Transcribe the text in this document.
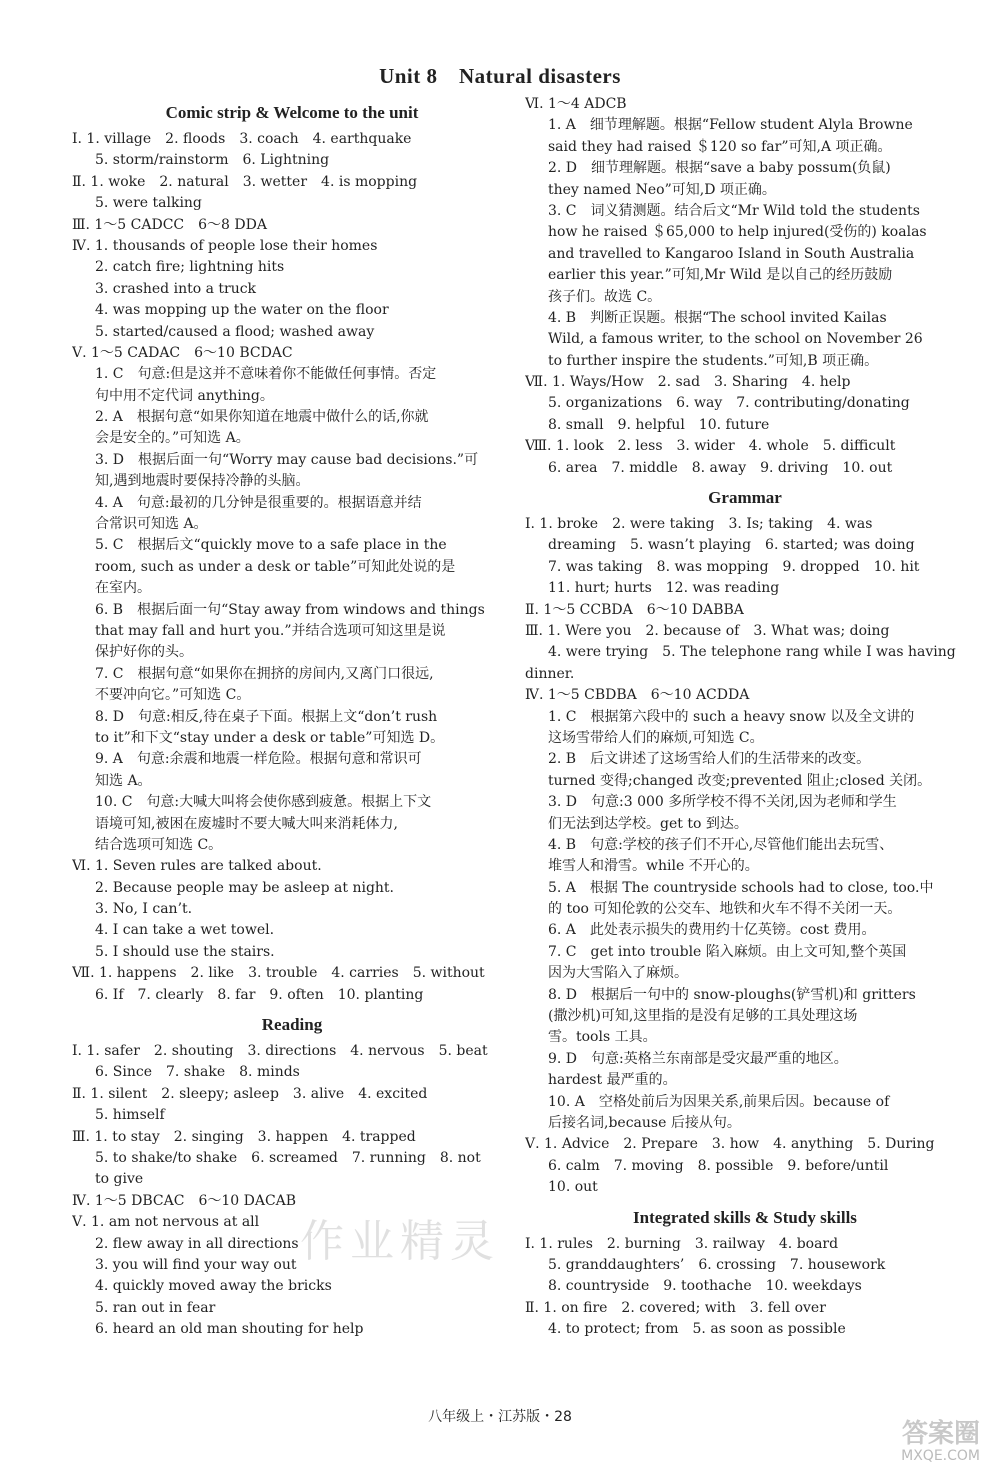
Unit 8　Natural disasters
Comic strip & Welcome to the unit
Ⅰ. 1. village　2. floods　3. coach　4. earthquake
5. storm/rainstorm　6. Lightning
Ⅱ. 1. woke　2. natural　3. wetter　4. is mopping
5. were talking
Ⅲ. 1～5 CADCC　6～8 DDA
Ⅳ. 1. thousands of people lose their homes
2. catch fire; lightning hits
3. crashed into a truck
4. was mopping up the water on the floor
5. started/caused a flood; washed away
Ⅴ. 1～5 CADAC　6～10 BCDAC
1. C　句意:但是这并不意味着你不能做任何事情。否定
句中用不定代词 anything。
2. A　根据句意“如果你知道在地震中做什么的话,你就
会是安全的。”可知选 A。
3. D　根据后面一句“Worry may cause bad decisions.”可
知,遇到地震时要保持冷静的头脑。
4. A　句意:最初的几分钟是很重要的。根据语意并结
合常识可知选 A。
5. C　根据后文“quickly move to a safe place in the
room, such as under a desk or table”可知此处说的是
在室内。
6. B　根据后面一句“Stay away from windows and things
that may fall and hurt you.”并结合选项可知这里是说
保护好你的头。
7. C　根据句意“如果你在拥挤的房间内,又离门口很远,
不要冲向它。”可知选 C。
8. D　句意:相反,待在桌子下面。根据上文“don’t rush
to it”和下文“stay under a desk or table”可知选 D。
9. A　句意:余震和地震一样危险。根据句意和常识可
知选 A。
10. C　句意:大喊大叫将会使你感到疲惫。根据上下文
语境可知,被困在废墟时不要大喊大叫来消耗体力,
结合选项可知选 C。
Ⅵ. 1. Seven rules are talked about.
2. Because people may be asleep at night.
3. No, I can’t.
4. I can take a wet towel.
5. I should use the stairs.
Ⅶ. 1. happens　2. like　3. trouble　4. carries　5. without
6. If　7. clearly　8. far　9. often　10. planting
Reading
Ⅰ. 1. safer　2. shouting　3. directions　4. nervous　5. beat
6. Since　7. shake　8. minds
Ⅱ. 1. silent　2. sleepy; asleep　3. alive　4. excited
5. himself
Ⅲ. 1. to stay　2. singing　3. happen　4. trapped
5. to shake/to shake　6. screamed　7. running　8. not
to give
Ⅳ. 1～5 DBCAC　6～10 DACAB
Ⅴ. 1. am not nervous at all
2. flew away in all directions
3. you will find your way out
4. quickly moved away the bricks
5. ran out in fear
6. heard an old man shouting for help
Ⅵ. 1～4 ADCB
1. A　细节理解题。根据“Fellow student Alyla Browne
said they had raised ＄120 so far”可知,A 项正确。
2. D　细节理解题。根据“save a baby possum(负鼠)
they named Neo”可知,D 项正确。
3. C　词义猜测题。结合后文“Mr Wild told the students
how he raised ＄65,000 to help injured(受伤的) koalas
and travelled to Kangaroo Island in South Australia
earlier this year.”可知,Mr Wild 是以自己的经历鼓励
孩子们。故选 C。
4. B　判断正误题。根据“The school invited Kailas
Wild, a famous writer, to the school on November 26
to further inspire the students.”可知,B 项正确。
Ⅶ. 1. Ways/How　2. sad　3. Sharing　4. help
5. organizations　6. way　7. contributing/donating
8. small　9. helpful　10. future
Ⅷ. 1. look　2. less　3. wider　4. whole　5. difficult
6. area　7. middle　8. away　9. driving　10. out
Grammar
Ⅰ. 1. broke　2. were taking　3. Is; taking　4. was
dreaming　5. wasn’t playing　6. started; was doing
7. was taking　8. was mopping　9. dropped　10. hit
11. hurt; hurts　12. was reading
Ⅱ. 1～5 CCBDA　6～10 DABBA
Ⅲ. 1. Were you　2. because of　3. What was; doing
4. were trying　5. The telephone rang while I was having
dinner.
Ⅳ. 1～5 CBDBA　6～10 ACDDA
1. C　根据第六段中的 such a heavy snow 以及全文讲的
这场雪带给人们的麻烦,可知选 C。
2. B　后文讲述了这场雪给人们的生活带来的改变。
turned 变得;changed 改变;prevented 阻止;closed 关闭。
3. D　句意:3 000 多所学校不得不关闭,因为老师和学生
们无法到达学校。get to 到达。
4. B　句意:学校的孩子们不开心,尽管他们能出去玩雪、
堆雪人和滑雪。while 不开心的。
5. A　根据 The countryside schools had to close, too.中
的 too 可知伦敦的公交车、地铁和火车不得不关闭一天。
6. A　此处表示损失的费用约十亿英镑。cost 费用。
7. C　get into trouble 陷入麻烦。由上文可知,整个英国
因为大雪陷入了麻烦。
8. D　根据后一句中的 snow-ploughs(铲雪机)和 gritters
(撒沙机)可知,这里指的是没有足够的工具处理这场
雪。tools 工具。
9. D　句意:英格兰东南部是受灾最严重的地区。
hardest 最严重的。
10. A　空格处前后为因果关系,前果后因。because of
后接名词,because 后接从句。
Ⅴ. 1. Advice　2. Prepare　3. how　4. anything　5. During
6. calm　7. moving　8. possible　9. before/until
10. out
Integrated skills & Study skills
Ⅰ. 1. rules　2. burning　3. railway　4. board
5. granddaughters’　6. crossing　7. housework
8. countryside　9. toothache　10. weekdays
Ⅱ. 1. on fire　2. covered; with　3. fell over
4. to protect; from　5. as soon as possible
作业精灵
八年级上・江苏版・28
答案圈
MXQE.COM
